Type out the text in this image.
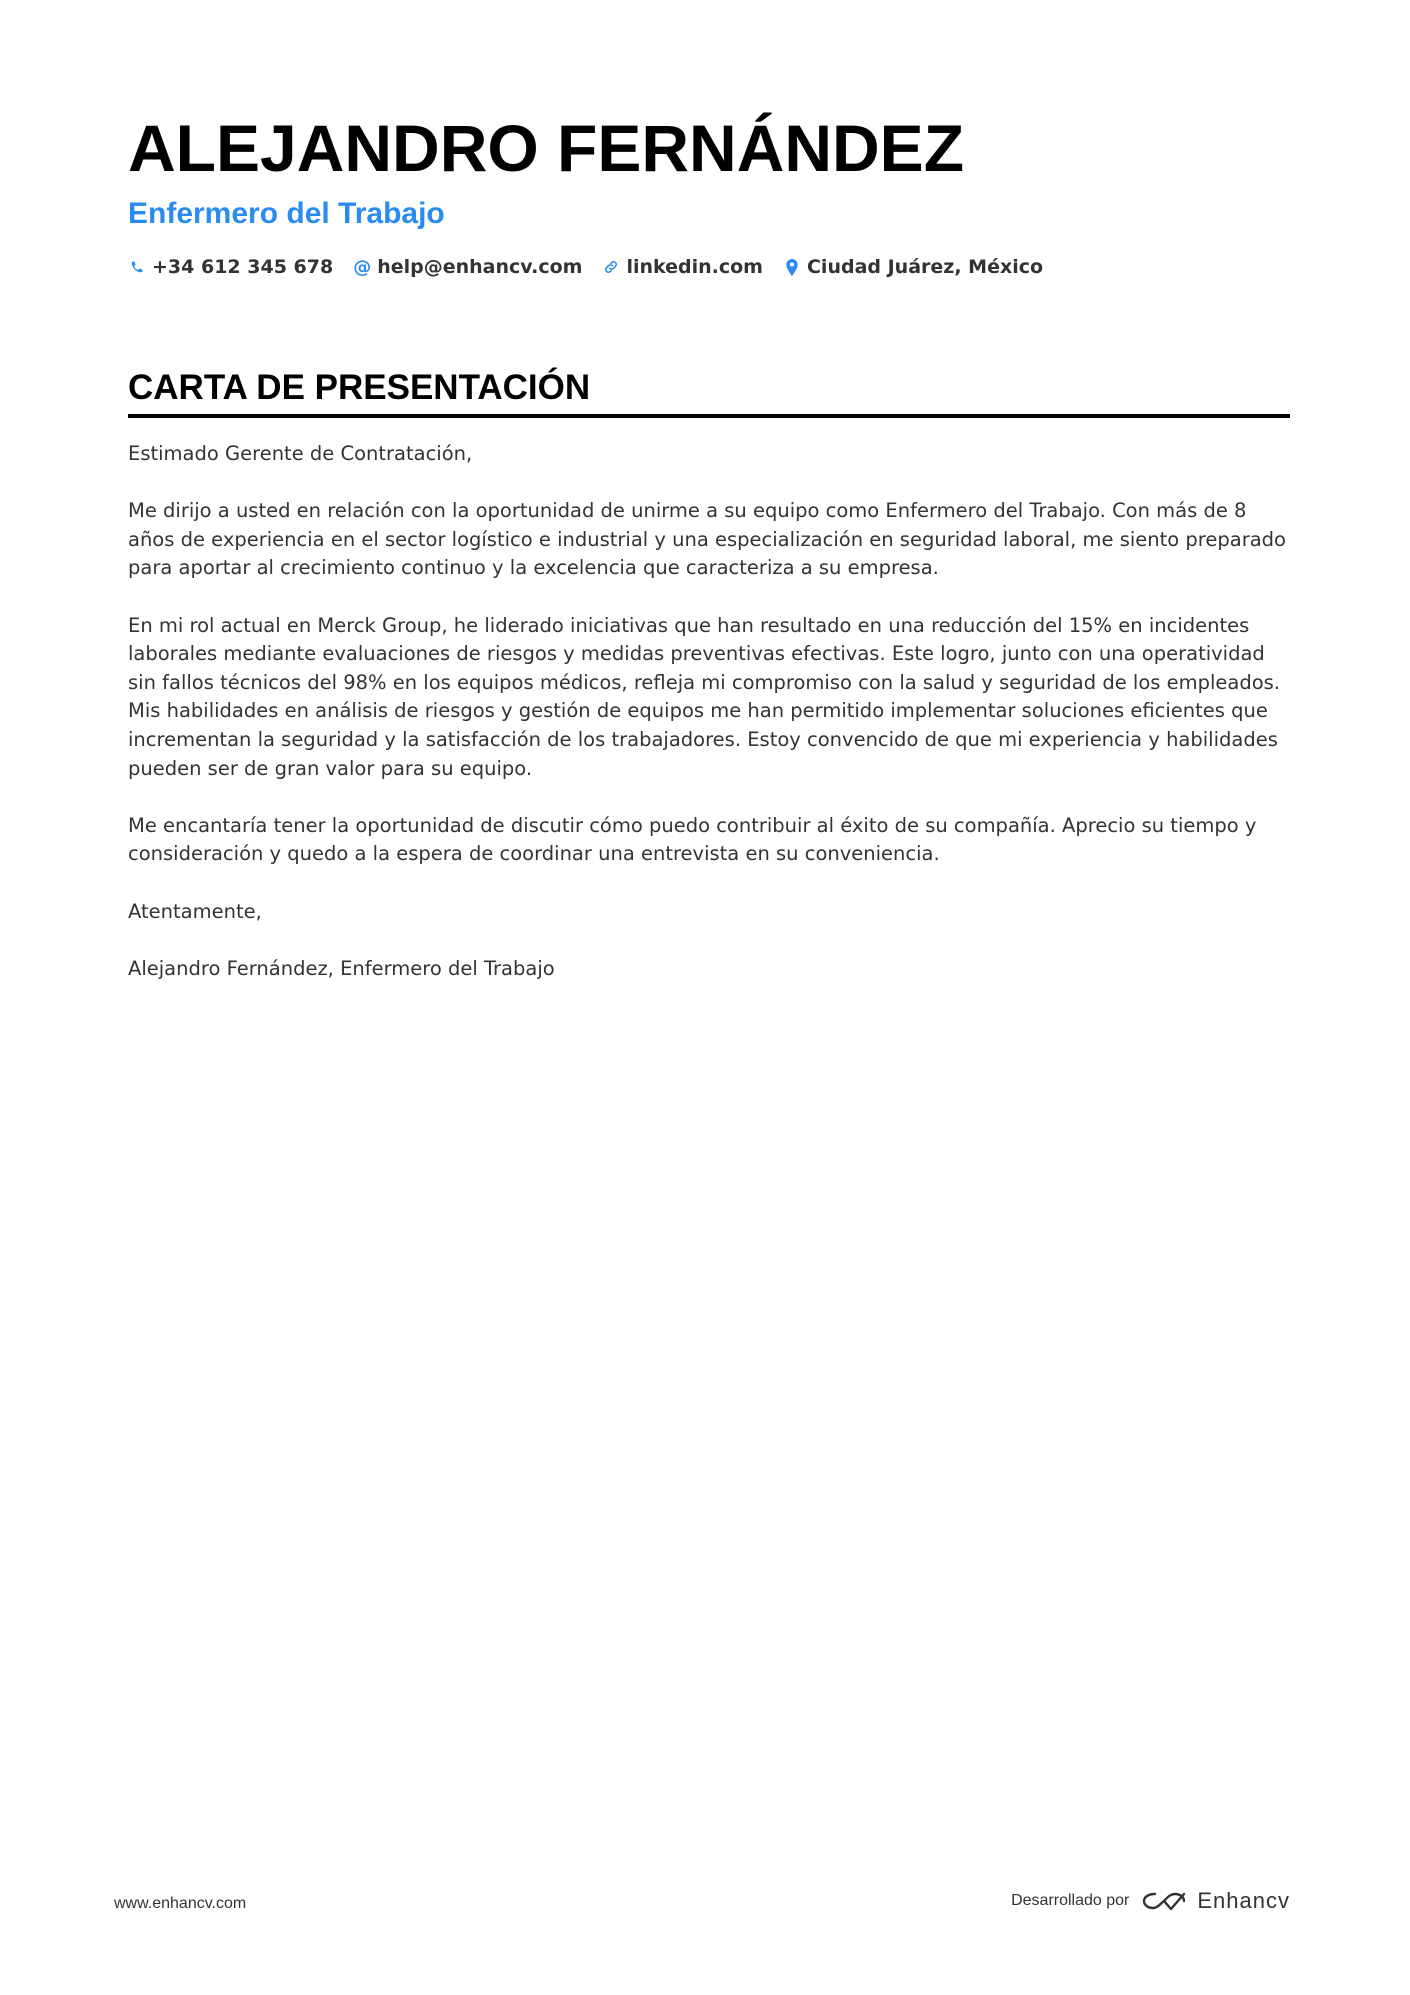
ALEJANDRO FERNÁNDEZ
Enfermero del Trabajo
+34 612 345 678 @ help@enhancv.com linkedin.com Ciudad Juárez, México
CARTA DE PRESENTACIÓN

Estimado Gerente de Contratación,

Me dirijo a usted en relación con la oportunidad de unirme a su equipo como Enfermero del Trabajo. Con más de 8 años de experiencia en el sector logístico e industrial y una especialización en seguridad laboral, me siento preparado para aportar al crecimiento continuo y la excelencia que caracteriza a su empresa.

En mi rol actual en Merck Group, he liderado iniciativas que han resultado en una reducción del 15% en incidentes laborales mediante evaluaciones de riesgos y medidas preventivas efectivas. Este logro, junto con una operatividad sin fallos técnicos del 98% en los equipos médicos, refleja mi compromiso con la salud y seguridad de los empleados. Mis habilidades en análisis de riesgos y gestión de equipos me han permitido implementar soluciones eficientes que incrementan la seguridad y la satisfacción de los trabajadores. Estoy convencido de que mi experiencia y habilidades pueden ser de gran valor para su equipo.

Me encantaría tener la oportunidad de discutir cómo puedo contribuir al éxito de su compañía. Aprecio su tiempo y consideración y quedo a la espera de coordinar una entrevista en su conveniencia.

Atentamente,

Alejandro Fernández, Enfermero del Trabajo

www.enhancv.com	Desarrollado por	Enhancv
